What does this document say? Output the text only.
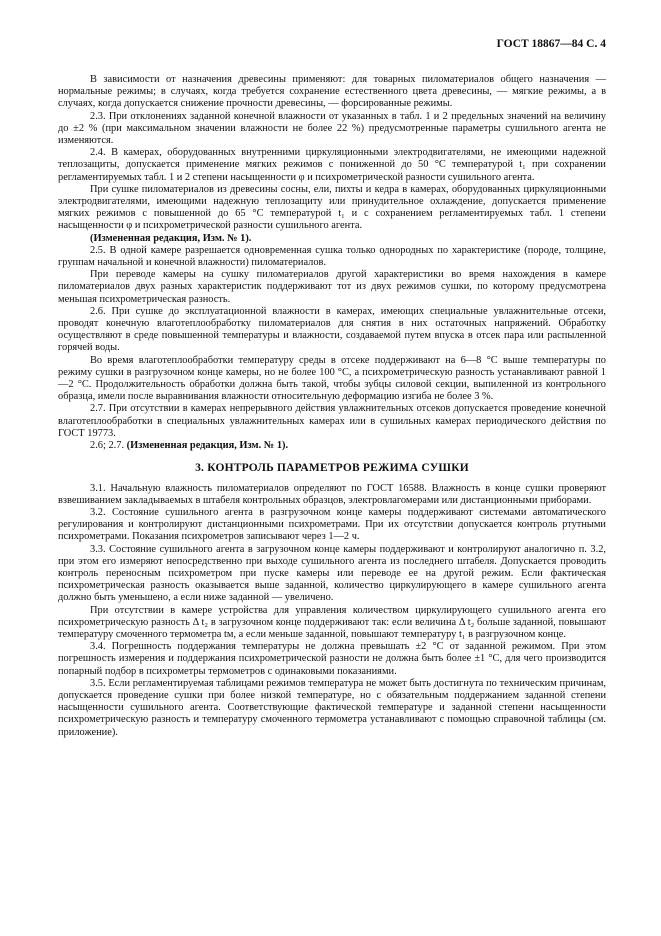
ГОСТ 18867—84 С. 4

В зависимости от назначения древесины применяют: для товарных пиломатериалов общего назначения — нормальные режимы; в случаях, когда требуется сохранение естественного цвета древесины, — мягкие режимы, а в случаях, когда допускается снижение прочности древесины, — форсированные режимы.

2.3. При отклонениях заданной конечной влажности от указанных в табл. 1 и 2 предельных значений на величину до ±2 % (при максимальном значении влажности не более 22 %) предусмотренные параметры сушильного агента не изменяются.

2.4. В камерах, оборудованных внутренними циркуляционными электродвигателями, не имеющими надежной теплозащиты, допускается применение мягких режимов с пониженной до 50 °С температурой t₁ при сохранении регламентируемых табл. 1 и 2 степени насыщенности φ и психрометрической разности сушильного агента.

При сушке пиломатериалов из древесины сосны, ели, пихты и кедра в камерах, оборудованных циркуляционными электродвигателями, имеющими надежную теплозащиту или принудительное охлаждение, допускается применение мягких режимов с повышенной до 65 °С температурой t₁ и с сохранением регламентируемых табл. 1 степени насыщенности φ и психрометрической разности сушильного агента.

(Измененная редакция, Изм. № 1).

2.5. В одной камере разрешается одновременная сушка только однородных по характеристике (породе, толщине, группам начальной и конечной влажности) пиломатериалов.

При переводе камеры на сушку пиломатериалов другой характеристики во время нахождения в камере пиломатериалов двух разных характеристик поддерживают тот из двух режимов сушки, по которому предусмотрена меньшая психрометрическая разность.

2.6. При сушке до эксплуатационной влажности в камерах, имеющих специальные увлажнительные отсеки, проводят конечную влаготеплообработку пиломатериалов для снятия в них остаточных напряжений. Обработку осуществляют в среде повышенной температуры и влажности, создаваемой путем впуска в отсек пара или распыленной горячей воды.

Во время влаготеплообработки температуру среды в отсеке поддерживают на 6—8 °С выше температуры по режиму сушки в разгрузочном конце камеры, но не более 100 °С, а психрометрическую разность устанавливают равной 1—2 °С. Продолжительность обработки должна быть такой, чтобы зубцы силовой секции, выпиленной из контрольного образца, имели после выравнивания влажности относительную деформацию изгиба не более 3 %.

2.7. При отсутствии в камерах непрерывного действия увлажнительных отсеков допускается проведение конечной влаготеплообработки в специальных увлажнительных камерах или в сушильных камерах периодического действия по ГОСТ 19773.

2.6; 2.7. (Измененная редакция, Изм. № 1).

3. КОНТРОЛЬ ПАРАМЕТРОВ РЕЖИМА СУШКИ

3.1. Начальную влажность пиломатериалов определяют по ГОСТ 16588. Влажность в конце сушки проверяют взвешиванием закладываемых в штабеля контрольных образцов, электровлагомерами или дистанционными приборами.

3.2. Состояние сушильного агента в разгрузочном конце камеры поддерживают системами автоматического регулирования и контролируют дистанционными психрометрами. При их отсутствии допускается контроль ртутными психрометрами. Показания психрометров записывают через 1—2 ч.

3.3. Состояние сушильного агента в загрузочном конце камеры поддерживают и контролируют аналогично п. 3.2, при этом его измеряют непосредственно при выходе сушильного агента из последнего штабеля. Допускается проводить контроль переносным психрометром при пуске камеры или переводе ее на другой режим. Если фактическая психрометрическая разность оказывается выше заданной, количество циркулирующего в камере сушильного агента должно быть уменьшено, а если ниже заданной — увеличено.

При отсутствии в камере устройства для управления количеством циркулирующего сушильного агента его психрометрическую разность Δ t₂ в загрузочном конце поддерживают так: если величина Δ t₂ больше заданной, повышают температуру смоченного термометра tм, а если меньше заданной, повышают температуру t₁ в разгрузочном конце.

3.4. Погрешность поддержания температуры не должна превышать ±2 °С от заданной режимом. При этом погрешность измерения и поддержания психрометрической разности не должна быть более ±1 °С, для чего производится попарный подбор в психрометры термометров с одинаковыми показаниями.

3.5. Если регламентируемая таблицами режимов температура не может быть достигнута по техническим причинам, допускается проведение сушки при более низкой температуре, но с обязательным поддержанием заданной степени насыщенности сушильного агента. Соответствующие фактической температуре и заданной степени насыщенности психрометрическую разность и температуру смоченного термометра устанавливают с помощью справочной таблицы (см. приложение).
